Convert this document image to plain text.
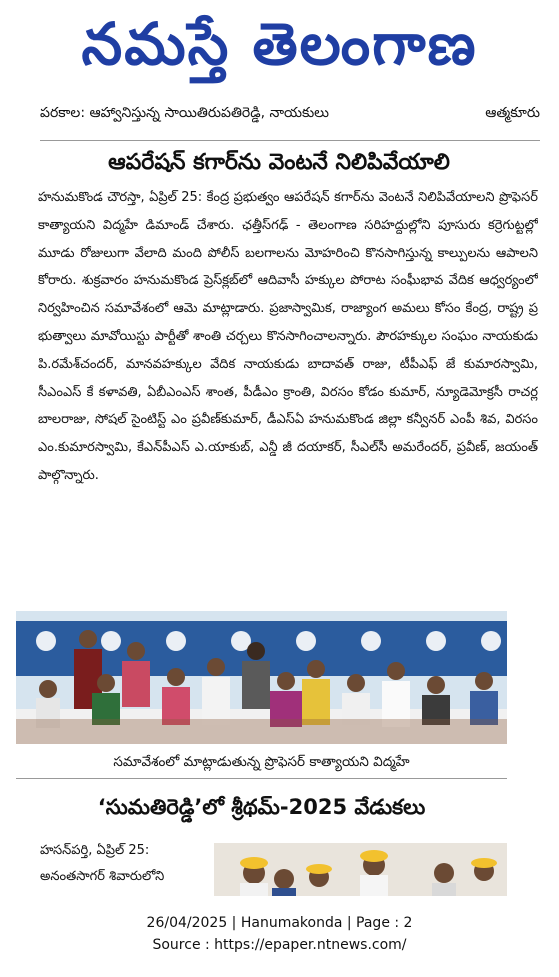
నమస్తే తెలంగాణ
పరకాల: ఆహ్వానిస్తున్న సాయితిరుపతిరెడ్డి, నాయకులు	ఆత్మకూరు
ఆపరేషన్ కగార్‌ను వెంటనే నిలిపివేయాలి
హనుమకొండ చౌరస్తా, ఏప్రిల్ 25: కేంద్ర ప్రభుత్వం ఆపరేషన్ కగార్‌ను వెంటనే నిలిపివేయాలని ప్రొఫెసర్ కాత్యాయని విద్మహే డిమాండ్ చేశారు. ఛత్తీస్‌గఢ్ - తెలంగాణ సరిహద్దుల్లోని పూసురు కర్రెగుట్టల్లో మూడు రోజులుగా వేలాది మంది పోలీస్ బలగాలను మోహరించి కొనసాగిస్తున్న కాల్పులను ఆపాలని కోరారు. శుక్రవారం హనుమకొండ ప్రెస్‌క్లబ్‌లో ఆదివాసీ హక్కుల పోరాట సంఘీభావ వేదిక ఆధ్వర్యంలో నిర్వహించిన సమావేశంలో ఆమె మాట్లాడారు. ప్రజాస్వామిక, రాజ్యాంగ అమలు కోసం కేంద్ర, రాష్ట్ర ప్రభుత్వాలు మావోయిస్టు పార్టీతో శాంతి చర్చలు కొనసాగించాలన్నారు. పౌరహక్కుల సంఘం నాయకుడు పి.రమేశ్‌చందర్, మానవహక్కుల వేదిక నాయకుడు బాదావత్ రాజు, టీపీఎఫ్ జే కుమారస్వామి, సీఎంఎస్ కే కళావతి, ఏబీఎంఎస్ శాంత, పీడీఎం క్రాంతి, విరసం కోడం కుమార్, న్యూడెమోక్రసీ రాచర్ల బాలరాజు, సోషల్ సైంటిస్ట్ ఎం ప్రవీణ్‌కుమార్, డీఎస్‌ఏ హనుమకొండ జిల్లా కన్వీనర్ ఎంపీ శివ, విరసం ఎం.కుమారస్వామి, కేఎన్‌పీఎస్ ఎ.యాకుబ్, ఎన్డీ జీ దయాకర్, సీఎల్‌సీ అమరేందర్, ప్రవీణ్, జయంత్ పాల్గొన్నారు.
సమావేశంలో మాట్లాడుతున్న ప్రొఫెసర్ కాత్యాయని విద్మహే
‘సుమతిరెడ్డి’లో శ్రీథమ్-2025 వేడుకలు
హసన్‌పర్తి, ఏప్రిల్ 25: అనంతసాగర్ శివారులోని
26/04/2025 | Hanumakonda | Page : 2
Source : https://epaper.ntnews.com/
